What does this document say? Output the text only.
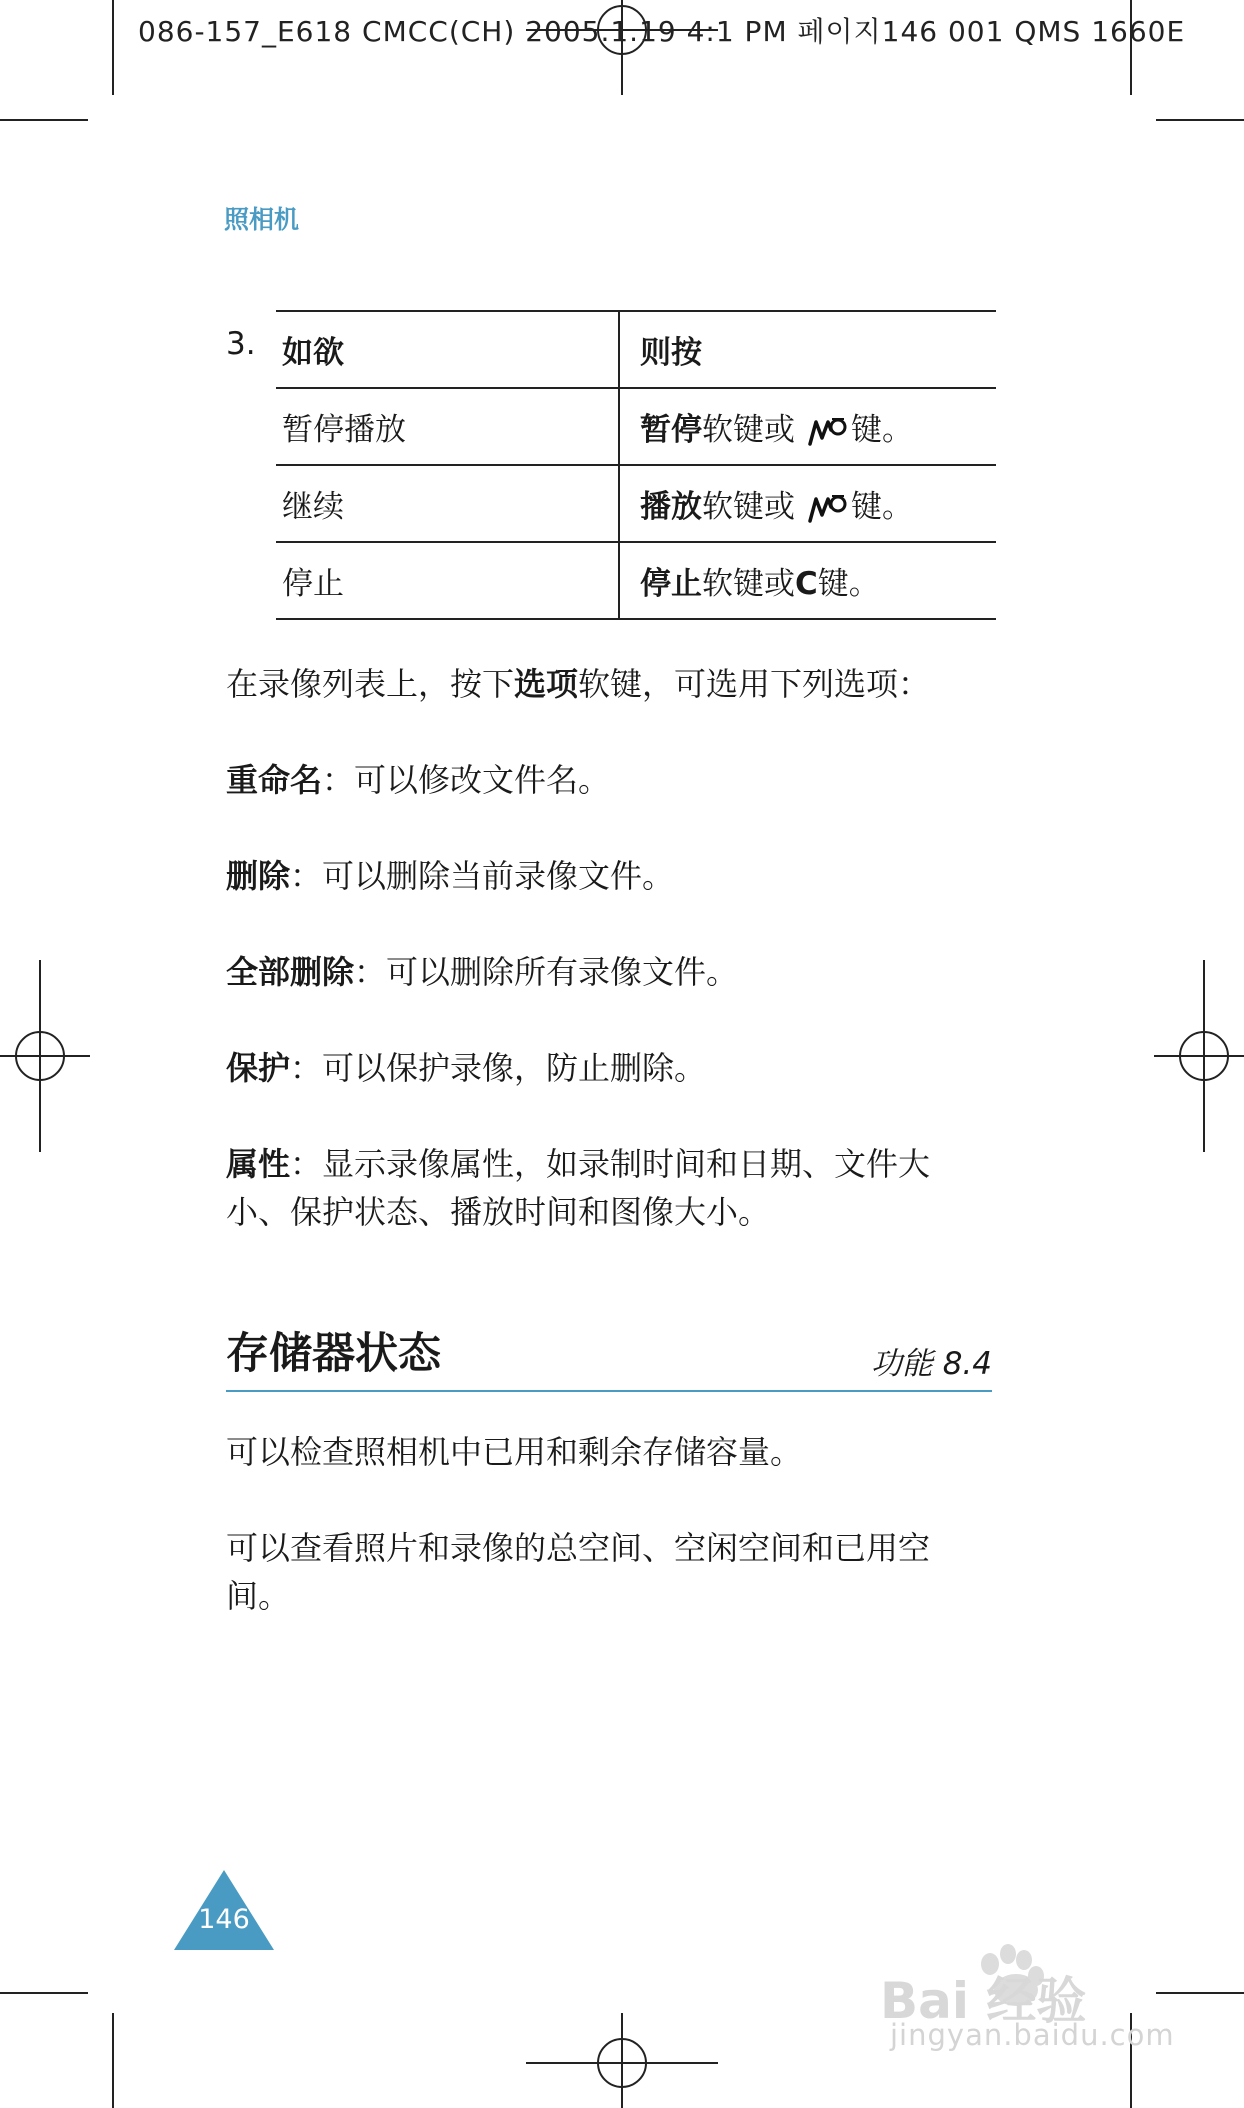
086-157_E618 CMCC(CH) 2005.1.19 4:1 PM 페이지146 001 QMS 1660E
照相机
3. 如欲	则按
暂停播放	暂停软键或 键。
继续	播放软键或 键。
停止	停止软键或C键。

在录像列表上，按下选项软键，可选用下列选项：

重命名：可以修改文件名。

删除：可以删除当前录像文件。

全部删除：可以删除所有录像文件。

保护：可以保护录像，防止删除。

属性：显示录像属性，如录制时间和日期、文件大小、保护状态、播放时间和图像大小。

存储器状态	功能 8.4

可以检查照相机中已用和剩余存储容量。

可以查看照片和录像的总空间、空闲空间和已用空间。

146
Bai 经验
jingyan.baidu.com
